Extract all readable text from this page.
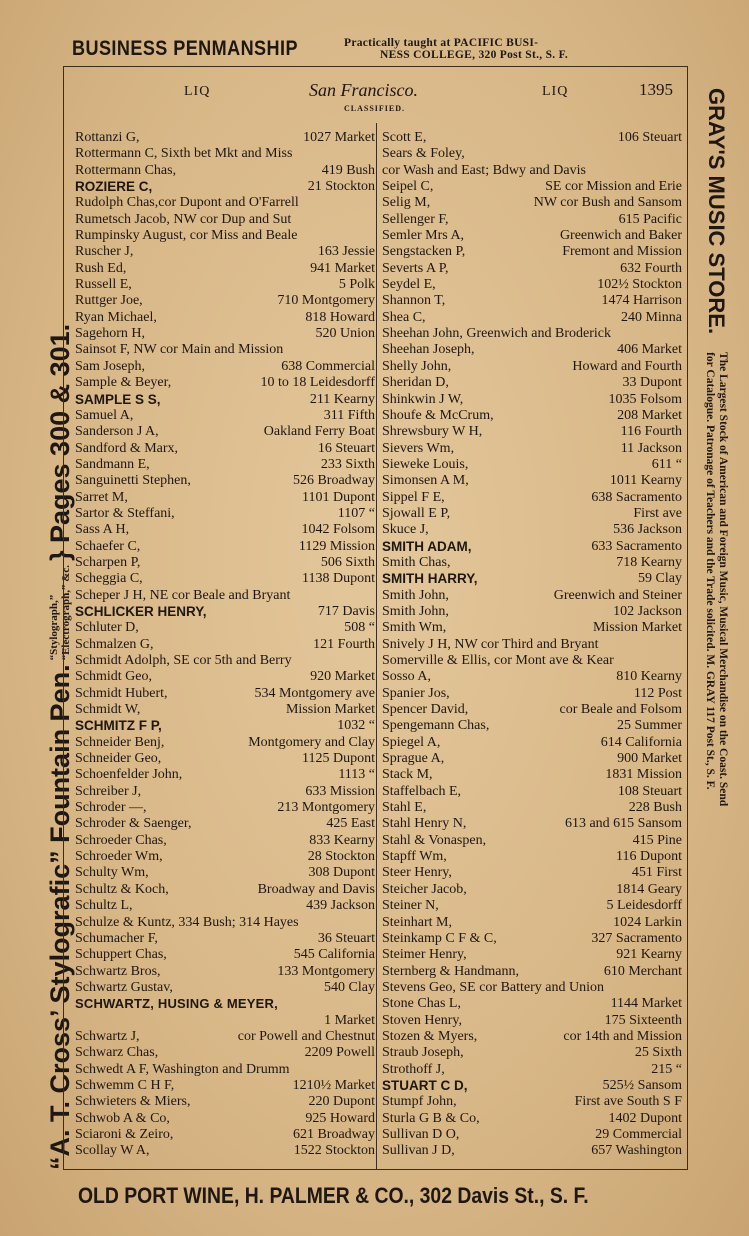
BUSINESS PENMANSHIP	Practically taught at PACIFIC BUSI-
NESS COLLEGE, 320 Post St., S. F.
“A. T. Cross’ Stylografic” Fountain Pen.
“Stylograph,”
“Electrograph,” &c.
} Pages 300 & 301.
GRAY'S MUSIC STORE.
The Largest Stock of American and Foreign Music, Musical Merchandise on the Coast. Send
for Catalogue. Patronage of Teachers and the Trade solicited. M. GRAY 117 Post St., S. F.
LIQ	San Francisco.	LIQ	1395
CLASSIFIED.
Rottanzi G,	1027 Market
Rottermann C, Sixth bet Mkt and Miss
Rottermann Chas,	419 Bush
ROZIERE C,	21 Stockton
Rudolph Chas,cor Dupont and O'Farrell
Rumetsch Jacob, NW cor Dup and Sut
Rumpinsky August, cor Miss and Beale
Ruscher J,	163 Jessie
Rush Ed,	941 Market
Russell E,	5 Polk
Ruttger Joe,	710 Montgomery
Ryan Michael,	818 Howard
Sagehorn H,	520 Union
Sainsot F, NW cor Main and Mission
Sam Joseph,	638 Commercial
Sample & Beyer,	10 to 18 Leidesdorff
SAMPLE S S,	211 Kearny
Samuel A,	311 Fifth
Sanderson J A,	Oakland Ferry Boat
Sandford & Marx,	16 Steuart
Sandmann E,	233 Sixth
Sanguinetti Stephen,	526 Broadway
Sarret M,	1101 Dupont
Sartor & Steffani,	1107 “
Sass A H,	1042 Folsom
Schaefer C,	1129 Mission
Scharpen P,	506 Sixth
Scheggia C,	1138 Dupont
Scheper J H, NE cor Beale and Bryant
SCHLICKER HENRY,	717 Davis
Schluter D,	508 “
Schmalzen G,	121 Fourth
Schmidt Adolph, SE cor 5th and Berry
Schmidt Geo,	920 Market
Schmidt Hubert,	534 Montgomery ave
Schmidt W,	Mission Market
SCHMITZ F P,	1032 “
Schneider Benj,	Montgomery and Clay
Schneider Geo,	1125 Dupont
Schoenfelder John,	1113 “
Schreiber J,	633 Mission
Schroder —,	213 Montgomery
Schroder & Saenger,	425 East
Schroeder Chas,	833 Kearny
Schroeder Wm,	28 Stockton
Schulty Wm,	308 Dupont
Schultz & Koch,	Broadway and Davis
Schultz L,	439 Jackson
Schulze & Kuntz, 334 Bush; 314 Hayes
Schumacher F,	36 Steuart
Schuppert Chas,	545 California
Schwartz Bros,	133 Montgomery
Schwartz Gustav,	540 Clay
SCHWARTZ, HUSING & MEYER,
1 Market
Schwartz J,	cor Powell and Chestnut
Schwarz Chas,	2209 Powell
Schwedt A F, Washington and Drumm
Schwemm C H F,	1210½ Market
Schwieters & Miers,	220 Dupont
Schwob A & Co,	925 Howard
Sciaroni & Zeiro,	621 Broadway
Scollay W A,	1522 Stockton
Scott E,	106 Steuart
Sears & Foley,
cor Wash and East; Bdwy and Davis
Seipel C,	SE cor Mission and Erie
Selig M,	NW cor Bush and Sansom
Sellenger F,	615 Pacific
Semler Mrs A,	Greenwich and Baker
Sengstacken P,	Fremont and Mission
Severts A P,	632 Fourth
Seydel E,	102½ Stockton
Shannon T,	1474 Harrison
Shea C,	240 Minna
Sheehan John, Greenwich and Broderick
Sheehan Joseph,	406 Market
Shelly John,	Howard and Fourth
Sheridan D,	33 Dupont
Shinkwin J W,	1035 Folsom
Shoufe & McCrum,	208 Market
Shrewsbury W H,	116 Fourth
Sievers Wm,	11 Jackson
Sieweke Louis,	611 “
Simonsen A M,	1011 Kearny
Sippel F E,	638 Sacramento
Sjowall E P,	First ave
Skuce J,	536 Jackson
SMITH ADAM,	633 Sacramento
Smith Chas,	718 Kearny
SMITH HARRY,	59 Clay
Smith John,	Greenwich and Steiner
Smith John,	102 Jackson
Smith Wm,	Mission Market
Snively J H, NW cor Third and Bryant
Somerville & Ellis, cor Mont ave & Kear
Sosso A,	810 Kearny
Spanier Jos,	112 Post
Spencer David,	cor Beale and Folsom
Spengemann Chas,	25 Summer
Spiegel A,	614 California
Sprague A,	900 Market
Stack M,	1831 Mission
Staffelbach E,	108 Steuart
Stahl E,	228 Bush
Stahl Henry N,	613 and 615 Sansom
Stahl & Vonaspen,	415 Pine
Stapff Wm,	116 Dupont
Steer Henry,	451 First
Steicher Jacob,	1814 Geary
Steiner N,	5 Leidesdorff
Steinhart M,	1024 Larkin
Steinkamp C F & C,	327 Sacramento
Steimer Henry,	921 Kearny
Sternberg & Handmann,	610 Merchant
Stevens Geo, SE cor Battery and Union
Stone Chas L,	1144 Market
Stoven Henry,	175 Sixteenth
Stozen & Myers,	cor 14th and Mission
Straub Joseph,	25 Sixth
Strothoff J,	215 “
STUART C D,	525½ Sansom
Stumpf John,	First ave South S F
Sturla G B & Co,	1402 Dupont
Sullivan D O,	29 Commercial
Sullivan J D,	657 Washington
OLD PORT WINE, H. PALMER & CO., 302 Davis St., S. F.
